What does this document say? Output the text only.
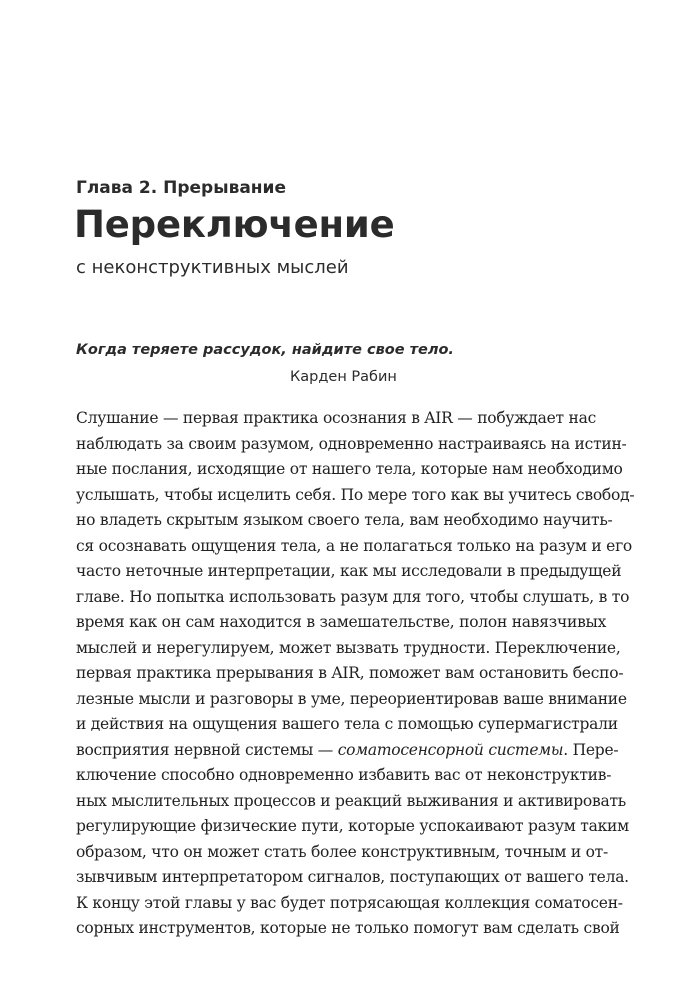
Глава 2. Прерывание
Переключение
с неконструктивных мыслей
Когда теряете рассудок, найдите свое тело.
Карден Рабин
Слушание — первая практика осознания в AIR — побуждает нас
наблюдать за своим разумом, одновременно настраиваясь на истин-
ные послания, исходящие от нашего тела, которые нам необходимо
услышать, чтобы исцелить себя. По мере того как вы учитесь свобод-
но владеть скрытым языком своего тела, вам необходимо научить-
ся осознавать ощущения тела, а не полагаться только на разум и его
часто неточные интерпретации, как мы исследовали в предыдущей
главе. Но попытка использовать разум для того, чтобы слушать, в то
время как он сам находится в замешательстве, полон навязчивых
мыслей и нерегулируем, может вызвать трудности. Переключение,
первая практика прерывания в AIR, поможет вам остановить беспо-
лезные мысли и разговоры в уме, переориентировав ваше внимание
и действия на ощущения вашего тела с помощью супермагистрали
восприятия нервной системы — соматосенсорной системы. Пере-
ключение способно одновременно избавить вас от неконструктив-
ных мыслительных процессов и реакций выживания и активировать
регулирующие физические пути, которые успокаивают разум таким
образом, что он может стать более конструктивным, точным и от-
зывчивым интерпретатором сигналов, поступающих от вашего тела.
К концу этой главы у вас будет потрясающая коллекция соматосен-
сорных инструментов, которые не только помогут вам сделать свой
